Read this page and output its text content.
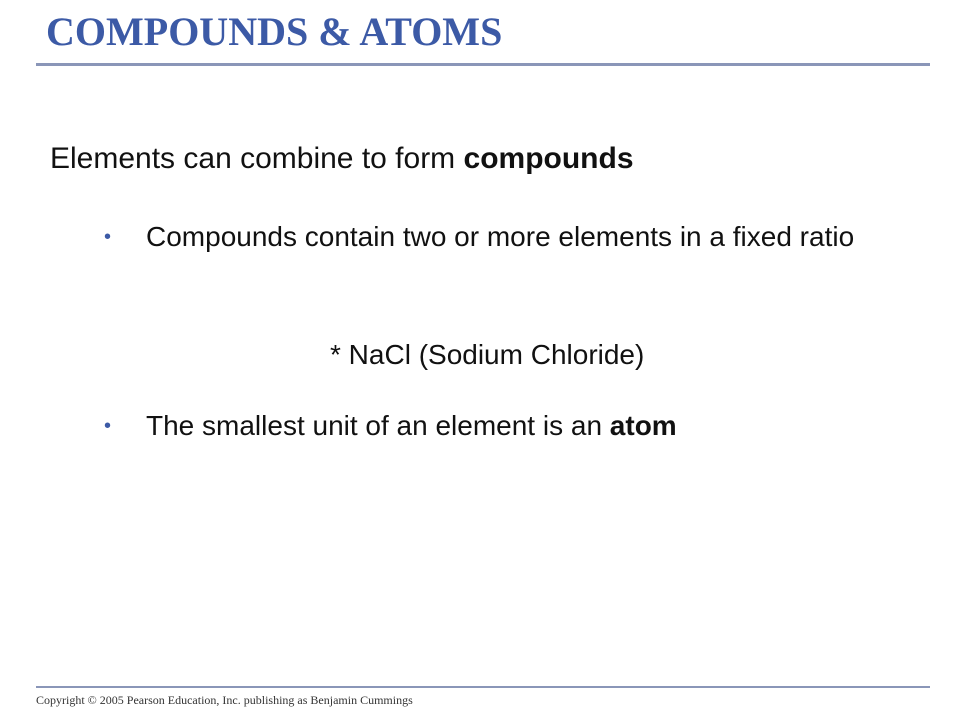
COMPOUNDS & ATOMS

Elements can combine to form compounds

•	Compounds contain two or more elements in a fixed ratio

* NaCl (Sodium Chloride)

•	The smallest unit of an element is an atom

Copyright © 2005 Pearson Education, Inc. publishing as Benjamin Cummings
